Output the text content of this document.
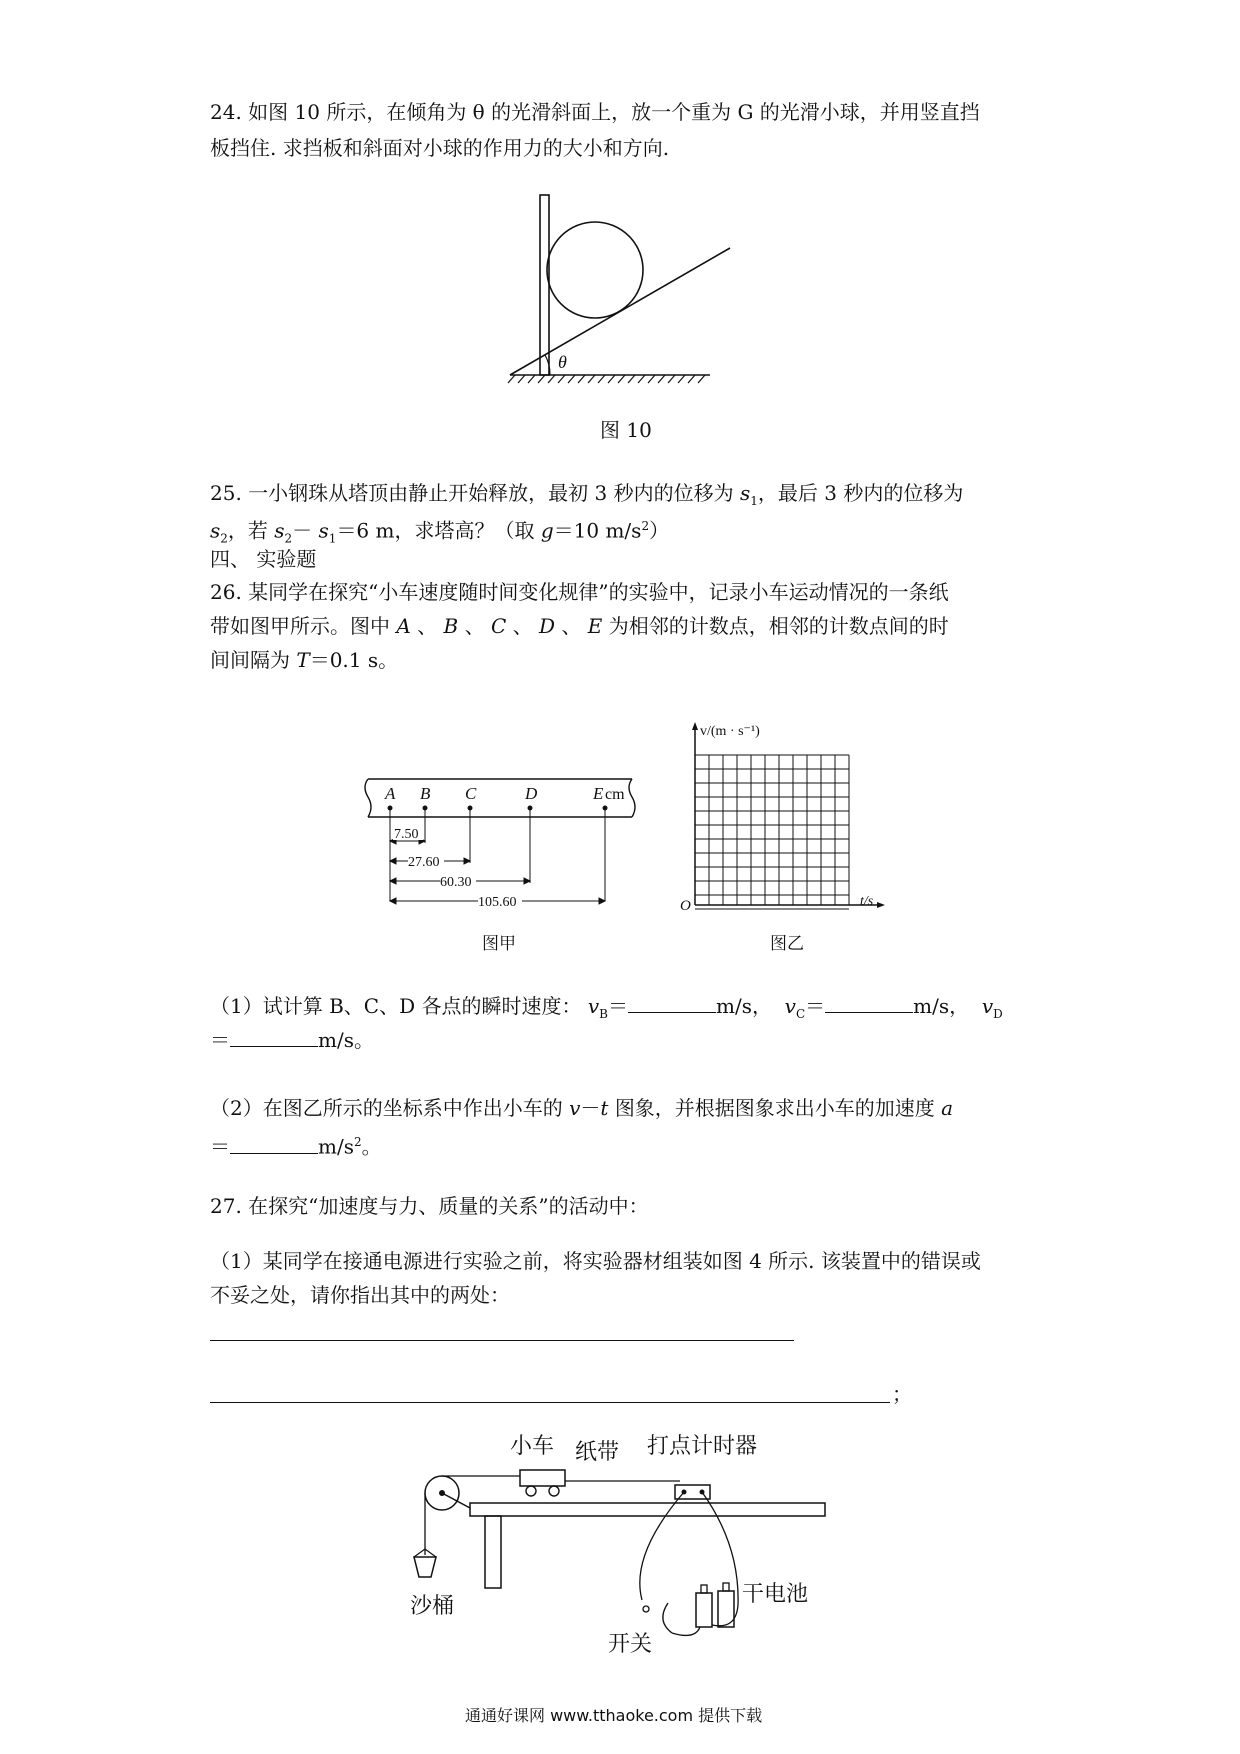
24. 如图 10 所示，在倾角为 θ 的光滑斜面上，放一个重为 G 的光滑小球，并用竖直挡
板挡住. 求挡板和斜面对小球的作用力的大小和方向.
θ
图 10
25. 一小钢珠从塔顶由静止开始释放，最初 3 秒内的位移为 $s_1$，最后 3 秒内的位移为
$s_2$，若 $s_2- s_1=6$ m，求塔高？（取 g＝10 $m/s^2$）
四、 实验题
26. 某同学在探究“小车速度随时间变化规律”的实验中，记录小车运动情况的一条纸
带如图甲所示。图中 A 、 B 、 C 、 D 、 E 为相邻的计数点，相邻的计数点间的时
间间隔为 T＝0.1 s。
A B C	D	E cm
7.50
27.60
60.30
105.60
图甲
v/(m · s⁻¹)
t/s
O
图乙
（1）试计算 B、C、D 各点的瞬时速度： $v_B=$	m/s， $v_C=$	m/s， $v_D$
＝	m/s。
（2）在图乙所示的坐标系中作出小车的 v－t 图象，并根据图象求出小车的加速度 a
＝	$m/s^2$。
27. 在探究“加速度与力、质量的关系”的活动中：
（1）某同学在接通电源进行实验之前，将实验器材组装如图 4 所示. 该装置中的错误或
不妥之处，请你指出其中的两处：
；
小车 纸带 打点计时器
沙桶	干电池
开关
通通好课网 www.tthaoke.com 提供下载
